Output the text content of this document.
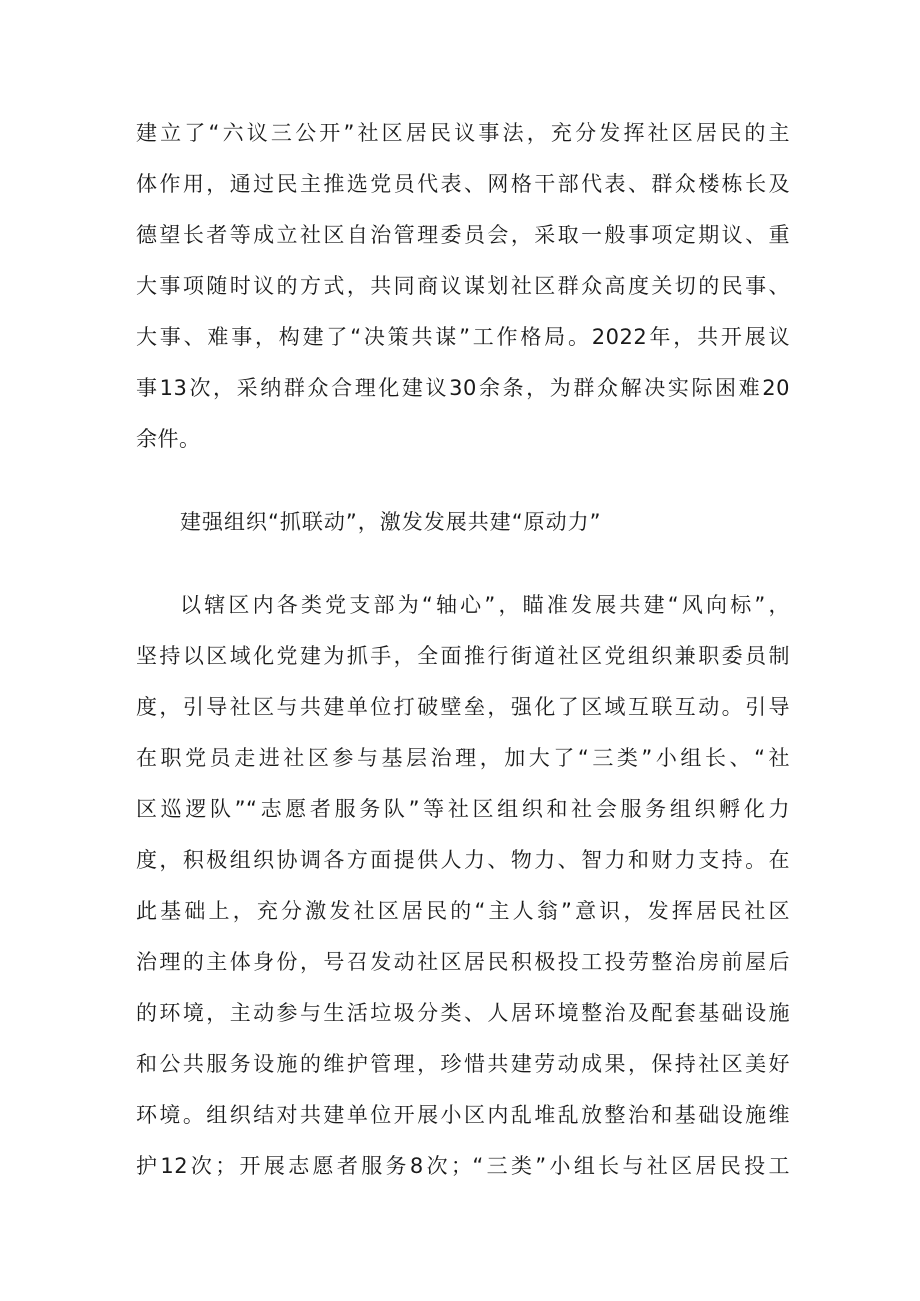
建立了“六议三公开”社区居民议事法，充分发挥社区居民的主

体作用，通过民主推选党员代表、网格干部代表、群众楼栋长及

德望长者等成立社区自治管理委员会，采取一般事项定期议、重

大事项随时议的方式，共同商议谋划社区群众高度关切的民事、

大事、难事，构建了“决策共谋”工作格局。2022年，共开展议

事13次，采纳群众合理化建议30余条，为群众解决实际困难20

余件。

建强组织“抓联动”，激发发展共建“原动力”

以辖区内各类党支部为“轴心”，瞄准发展共建“风向标”，

坚持以区域化党建为抓手，全面推行街道社区党组织兼职委员制

度，引导社区与共建单位打破壁垒，强化了区域互联互动。引导

在职党员走进社区参与基层治理，加大了“三类”小组长、“社

区巡逻队”“志愿者服务队”等社区组织和社会服务组织孵化力

度，积极组织协调各方面提供人力、物力、智力和财力支持。在

此基础上，充分激发社区居民的“主人翁”意识，发挥居民社区

治理的主体身份，号召发动社区居民积极投工投劳整治房前屋后

的环境，主动参与生活垃圾分类、人居环境整治及配套基础设施

和公共服务设施的维护管理，珍惜共建劳动成果，保持社区美好

环境。组织结对共建单位开展小区内乱堆乱放整治和基础设施维

护12次；开展志愿者服务8次；“三类”小组长与社区居民投工
